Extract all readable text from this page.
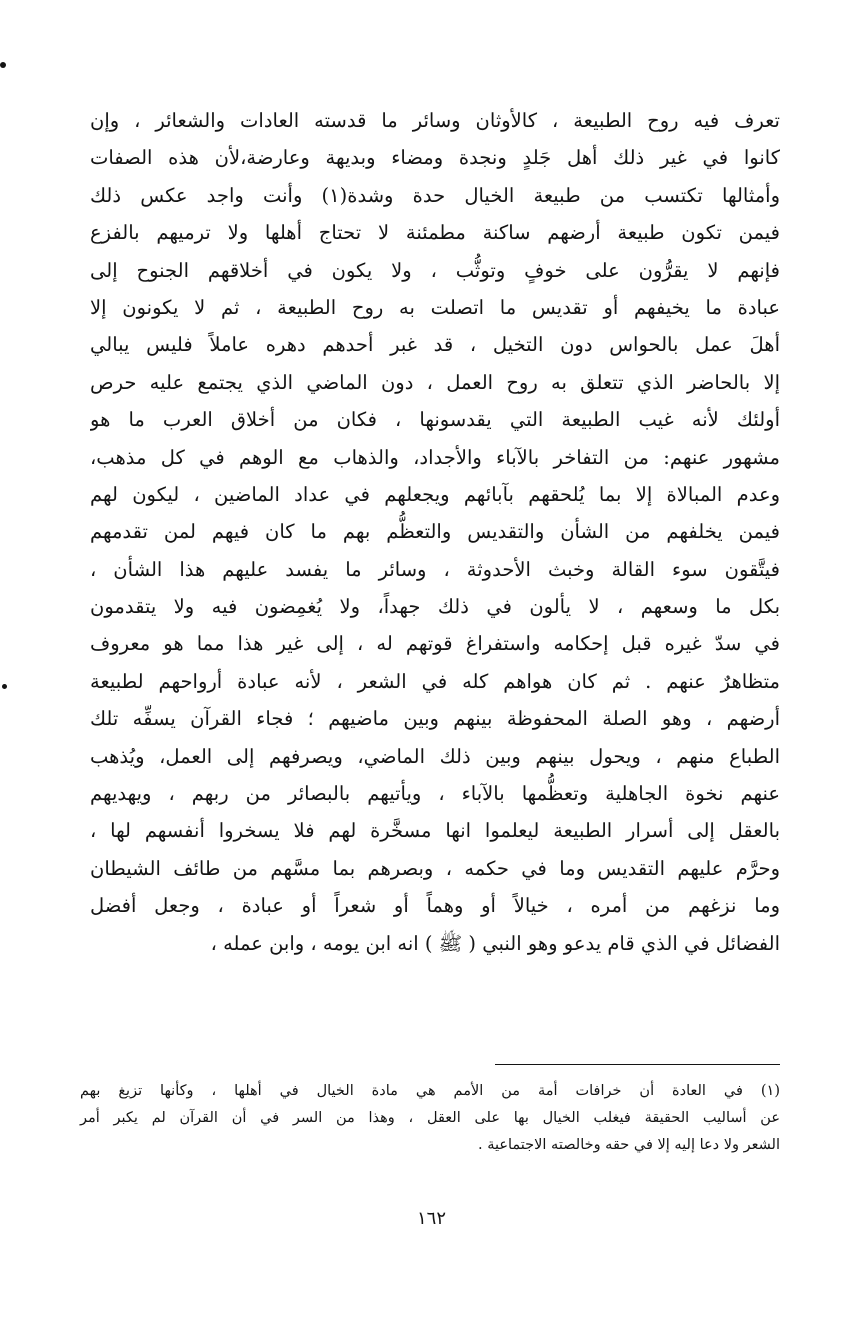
تعرف فيه روح الطبيعة ، كالأوثان وسائر ما قدسته العادات والشعائر ، وإن
كانوا في غير ذلك أهل جَلدٍ ونجدة ومضاء وبديهة وعارضة،لأن هذه الصفات
وأمثالها تكتسب من طبيعة الخيال حدة وشدة(١) وأنت واجد عكس ذلك
فيمن تكون طبيعة أرضهم ساكنة مطمئنة لا تحتاج أهلها ولا ترميهم بالفزع
فإنهم لا يقرُّون على خوفٍ وتوثُّب ، ولا يكون في أخلاقهم الجنوح إلى
عبادة ما يخيفهم أو تقديس ما اتصلت به روح الطبيعة ، ثم لا يكونون إلا
أهلَ عمل بالحواس دون التخيل ، قد غبر أحدهم دهره عاملاً فليس يبالي
إلا بالحاضر الذي تتعلق به روح العمل ، دون الماضي الذي يجتمع عليه حرص
أولئك لأنه غيب الطبيعة التي يقدسونها ، فكان من أخلاق العرب ما هو
مشهور عنهم: من التفاخر بالآباء والأجداد، والذهاب مع الوهم في كل مذهب،
وعدم المبالاة إلا بما يُلحقهم بآبائهم ويجعلهم في عداد الماضين ، ليكون لهم
فيمن يخلفهم من الشأن والتقديس والتعظُّم بهم ما كان فيهم لمن تقدمهم
فيتَّقون سوء القالة وخبث الأحدوثة ، وسائر ما يفسد عليهم هذا الشأن ،
بكل ما وسعهم ، لا يألون في ذلك جهداً، ولا يُغمِضون فيه ولا يتقدمون
في سدّ غيره قبل إحكامه واستفراغ قوتهم له ، إلى غير هذا مما هو معروف
متظاهرٌ عنهم . ثم كان هواهم كله في الشعر ، لأنه عبادة أرواحهم لطبيعة
أرضهم ، وهو الصلة المحفوظة بينهم وبين ماضيهم ؛ فجاء القرآن يسفِّه تلك
الطباع منهم ، ويحول بينهم وبين ذلك الماضي، ويصرفهم إلى العمل، ويُذهب
عنهم نخوة الجاهلية وتعظُّمها بالآباء ، ويأتيهم بالبصائر من ربهم ، ويهديهم
بالعقل إلى أسرار الطبيعة ليعلموا انها مسخَّرة لهم فلا يسخروا أنفسهم لها ،
وحرَّم عليهم التقديس وما في حكمه ، وبصرهم بما مسَّهم من طائف الشيطان
وما نزغهم من أمره ، خيالاً أو وهماً أو شعراً أو عبادة ، وجعل أفضل
الفضائل في الذي قام يدعو وهو النبي ( ﷺ ) انه ابن يومه ، وابن عمله ،
(١) في العادة أن خرافات أمة من الأمم هي مادة الخيال في أهلها ، وكأنها تزيغ بهم
عن أساليب الحقيقة فيغلب الخيال بها على العقل ، وهذا من السر في أن القرآن لم يكبر أمر
الشعر ولا دعا إليه إلا في حقه وخالصته الاجتماعية .
١٦٢
